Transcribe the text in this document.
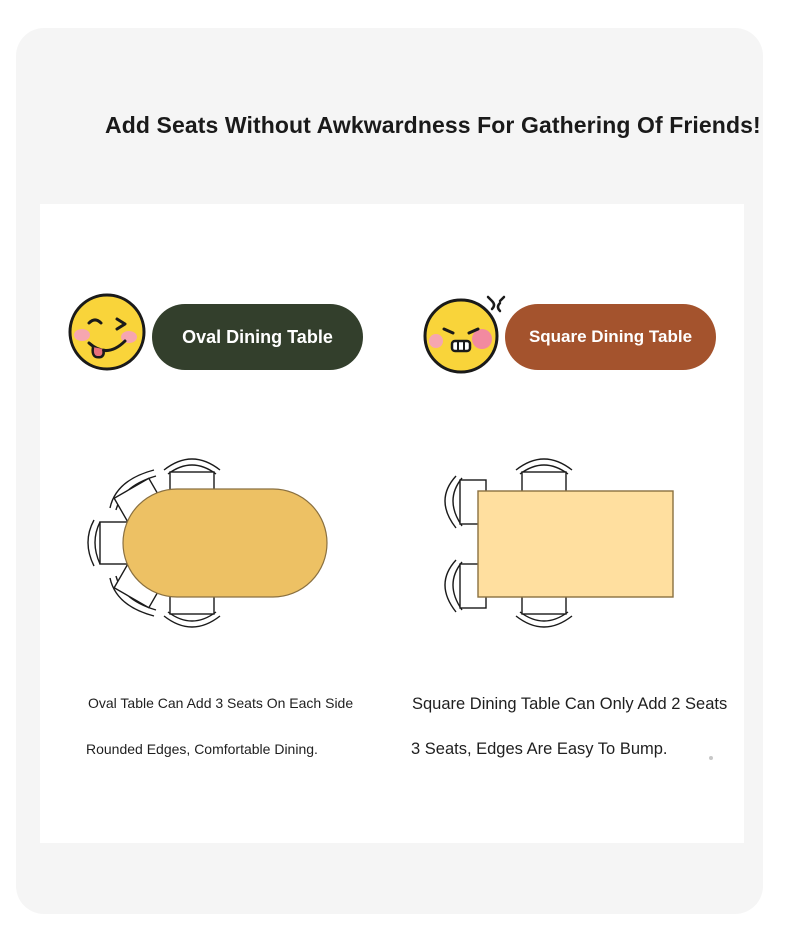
Add Seats Without Awkwardness For Gathering Of Friends!
Oval Dining Table	Square Dining Table
Oval Table Can Add 3 Seats On Each Side
Rounded Edges, Comfortable Dining.
Square Dining Table Can Only Add 2 Seats
3 Seats, Edges Are Easy To Bump.
